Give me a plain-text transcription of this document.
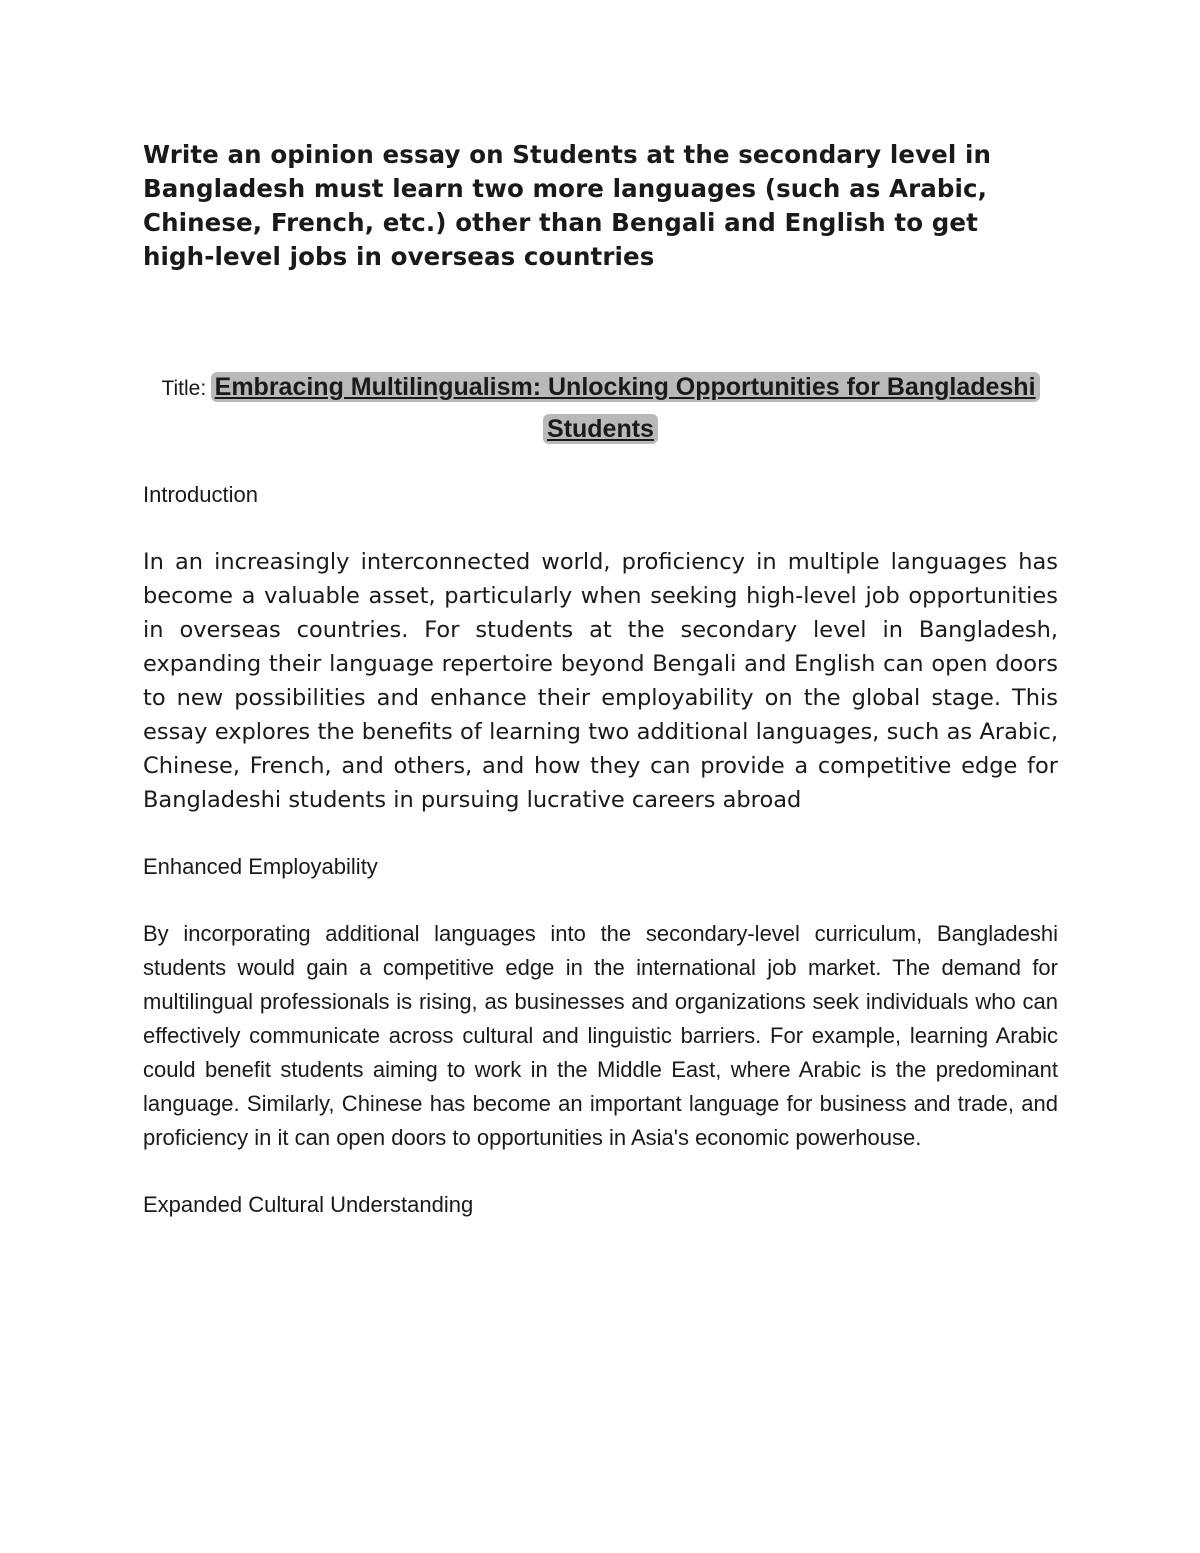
Write an opinion essay on Students at the secondary level in Bangladesh must learn two more languages (such as Arabic, Chinese, French, etc.) other than Bengali and English to get high-level jobs in overseas countries

Title: Embracing Multilingualism: Unlocking Opportunities for Bangladeshi Students

Introduction

In an increasingly interconnected world, proficiency in multiple languages has become a valuable asset, particularly when seeking high-level job opportunities in overseas countries. For students at the secondary level in Bangladesh, expanding their language repertoire beyond Bengali and English can open doors to new possibilities and enhance their employability on the global stage. This essay explores the benefits of learning two additional languages, such as Arabic, Chinese, French, and others, and how they can provide a competitive edge for Bangladeshi students in pursuing lucrative careers abroad

Enhanced Employability

By incorporating additional languages into the secondary-level curriculum, Bangladeshi students would gain a competitive edge in the international job market. The demand for multilingual professionals is rising, as businesses and organizations seek individuals who can effectively communicate across cultural and linguistic barriers. For example, learning Arabic could benefit students aiming to work in the Middle East, where Arabic is the predominant language. Similarly, Chinese has become an important language for business and trade, and proficiency in it can open doors to opportunities in Asia's economic powerhouse.

Expanded Cultural Understanding
